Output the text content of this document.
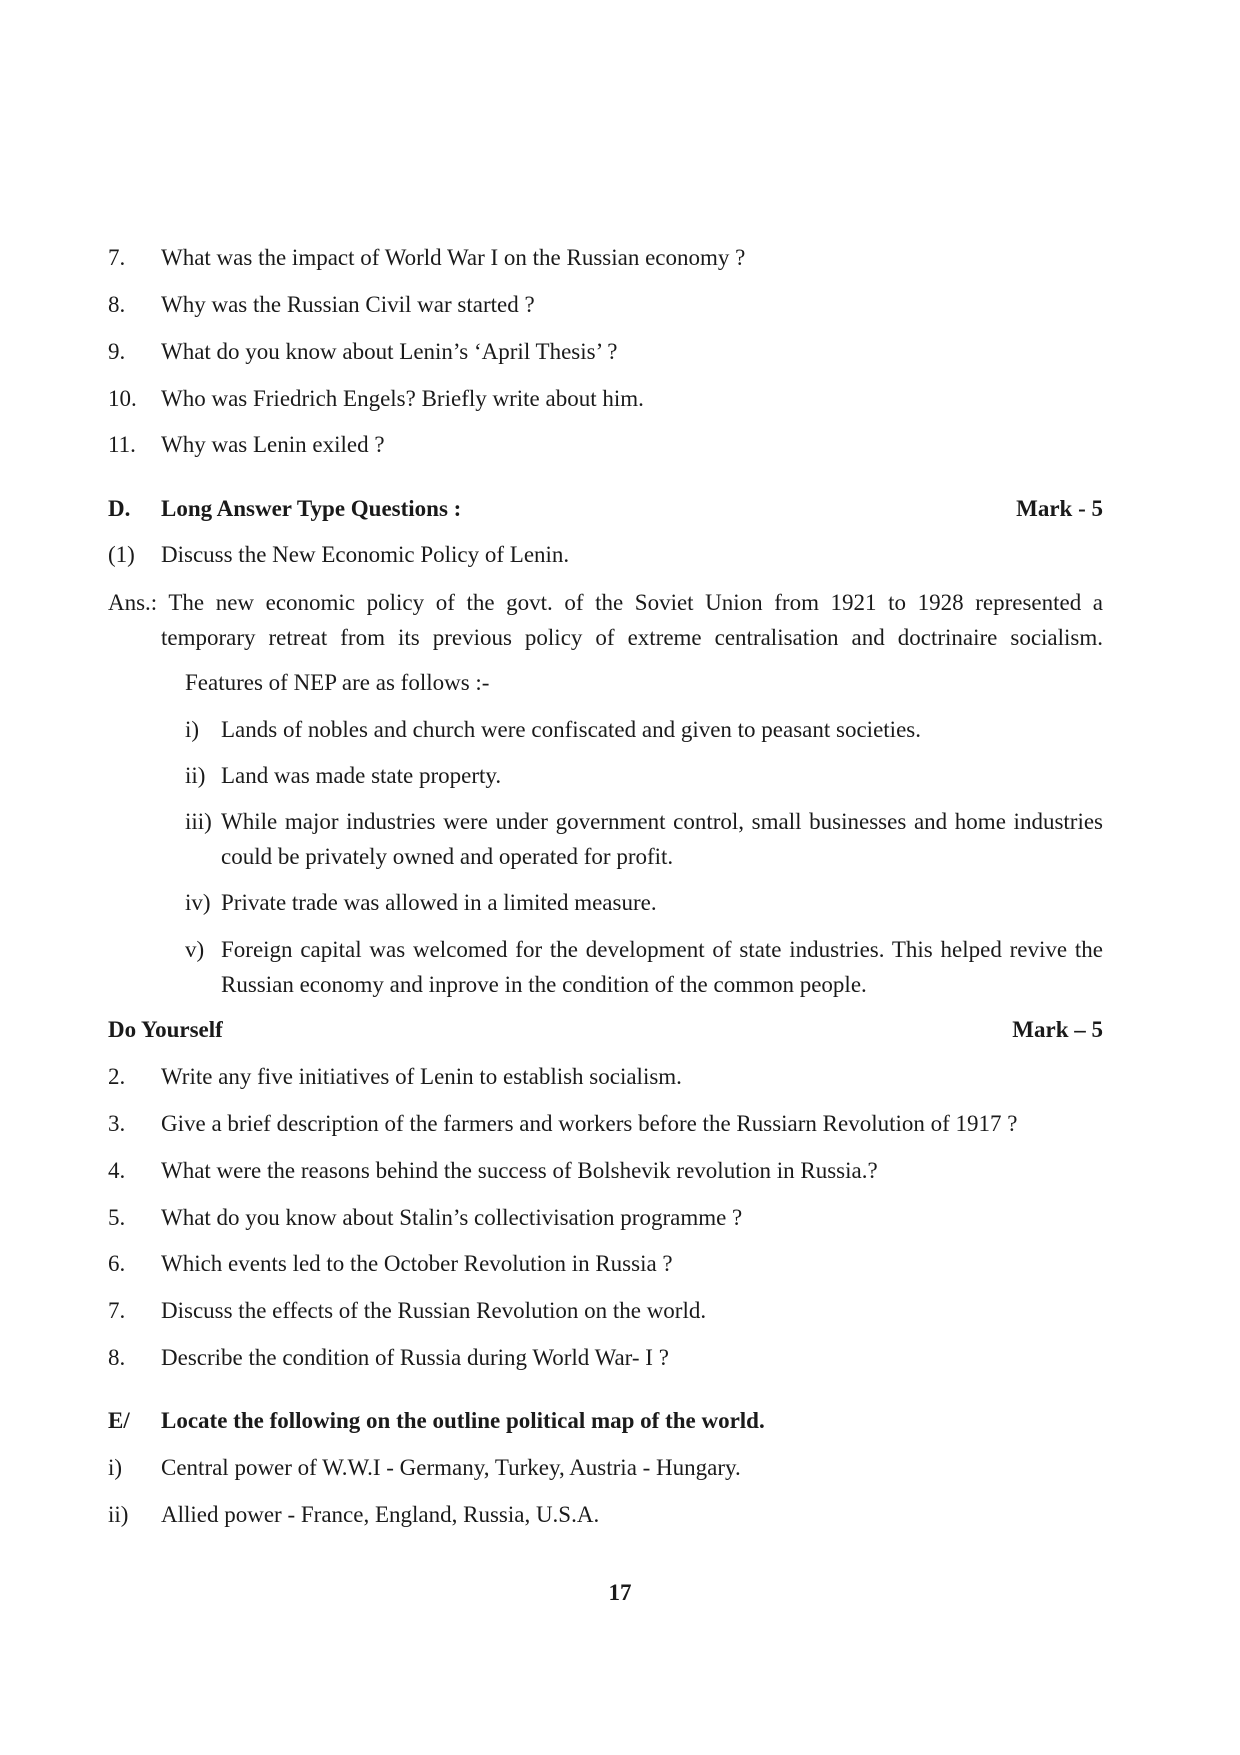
7. What was the impact of World War I on the Russian economy ?
8. Why was the Russian Civil war started ?
9. What do you know about Lenin’s ‘April Thesis’ ?
10. Who was Friedrich Engels? Briefly write about him.
11. Why was Lenin exiled ?
D. Long Answer Type Questions :	Mark - 5
(1) Discuss the New Economic Policy of Lenin.
Ans.: The new economic policy of the govt. of the Soviet Union from 1921 to 1928 represented a
temporary retreat from its previous policy of extreme centralisation and doctrinaire socialism.
Features of NEP are as follows :-
i) Lands of nobles and church were confiscated and given to peasant societies.
ii) Land was made state property.
iii) While major industries were under government control, small businesses and home industries could be privately owned and operated for profit.
iv) Private trade was allowed in a limited measure.
v) Foreign capital was welcomed for the development of state industries. This helped revive the Russian economy and inprove in the condition of the common people.
Do Yourself	Mark – 5
2. Write any five initiatives of Lenin to establish socialism.
3. Give a brief description of the farmers and workers before the Russiarn Revolution of 1917 ?
4. What were the reasons behind the success of Bolshevik revolution in Russia.?
5. What do you know about Stalin’s collectivisation programme ?
6. Which events led to the October Revolution in Russia ?
7. Discuss the effects of the Russian Revolution on the world.
8. Describe the condition of Russia during World War- I ?
E/ Locate the following on the outline political map of the world.
i) Central power of W.W.I - Germany, Turkey, Austria - Hungary.
ii) Allied power - France, England, Russia, U.S.A.
17
